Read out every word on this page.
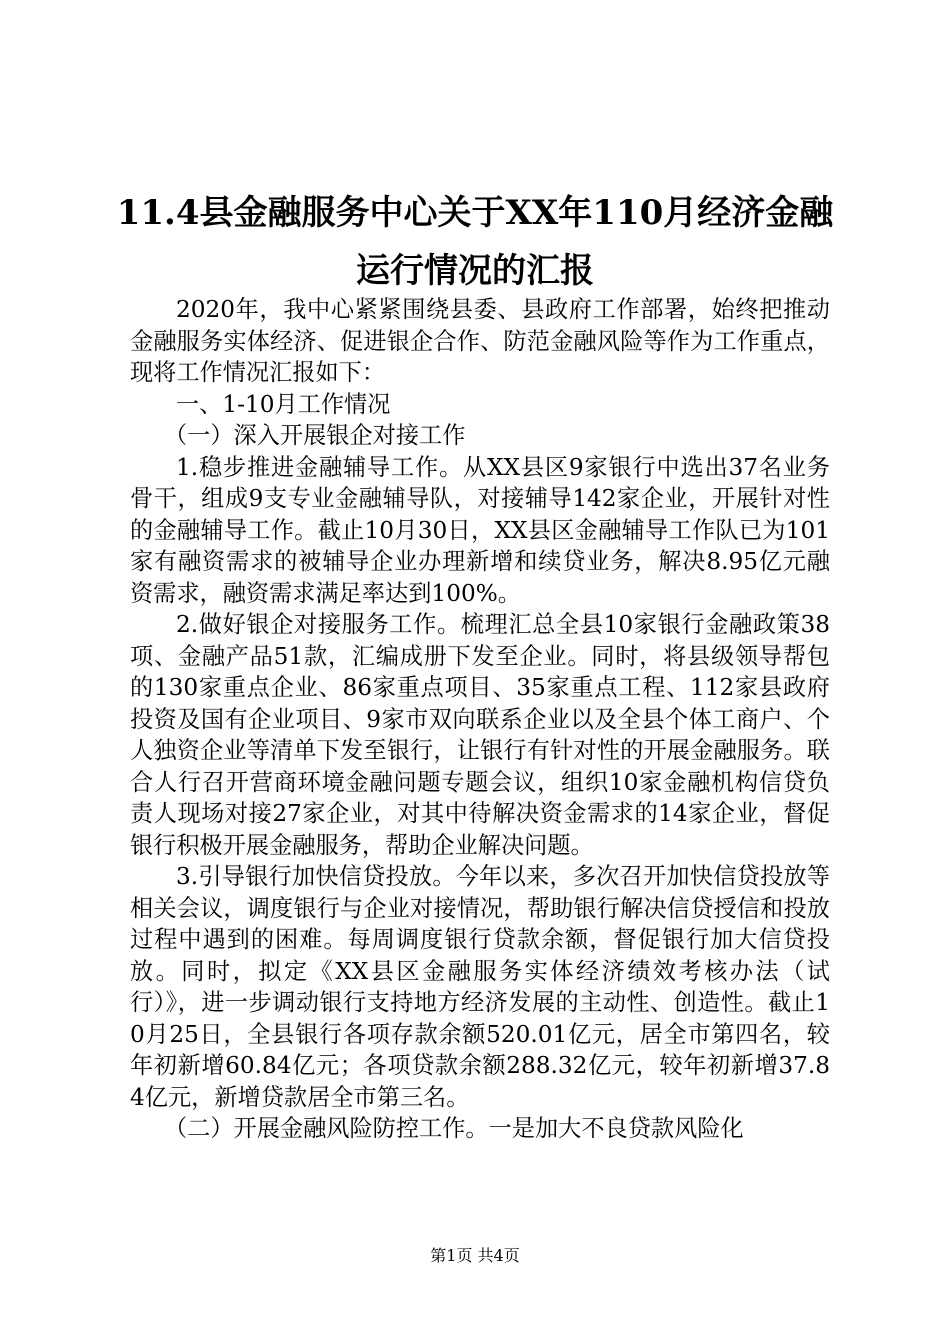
11.4县金融服务中心关于XX年110月经济金融运行情况的汇报

2020年，我中心紧紧围绕县委、县政府工作部署，始终把推动金融服务实体经济、促进银企合作、防范金融风险等作为工作重点，现将工作情况汇报如下：

一、1-10月工作情况

（一）深入开展银企对接工作

1.稳步推进金融辅导工作。从XX县区9家银行中选出37名业务骨干，组成9支专业金融辅导队，对接辅导142家企业，开展针对性的金融辅导工作。截止10月30日，XX县区金融辅导工作队已为101家有融资需求的被辅导企业办理新增和续贷业务，解决8.95亿元融资需求，融资需求满足率达到100%。

2.做好银企对接服务工作。梳理汇总全县10家银行金融政策38项、金融产品51款，汇编成册下发至企业。同时，将县级领导帮包的130家重点企业、86家重点项目、35家重点工程、112家县政府投资及国有企业项目、9家市双向联系企业以及全县个体工商户、个人独资企业等清单下发至银行，让银行有针对性的开展金融服务。联合人行召开营商环境金融问题专题会议，组织10家金融机构信贷负责人现场对接27家企业，对其中待解决资金需求的14家企业，督促银行积极开展金融服务，帮助企业解决问题。

3.引导银行加快信贷投放。今年以来，多次召开加快信贷投放等相关会议，调度银行与企业对接情况，帮助银行解决信贷授信和投放过程中遇到的困难。每周调度银行贷款余额，督促银行加大信贷投放。同时，拟定《XX县区金融服务实体经济绩效考核办法（试行）》，进一步调动银行支持地方经济发展的主动性、创造性。截止10月25日，全县银行各项存款余额520.01亿元，居全市第四名，较年初新增60.84亿元；各项贷款余额288.32亿元，较年初新增37.84亿元，新增贷款居全市第三名。

（二）开展金融风险防控工作。一是加大不良贷款风险化

第1页 共4页
